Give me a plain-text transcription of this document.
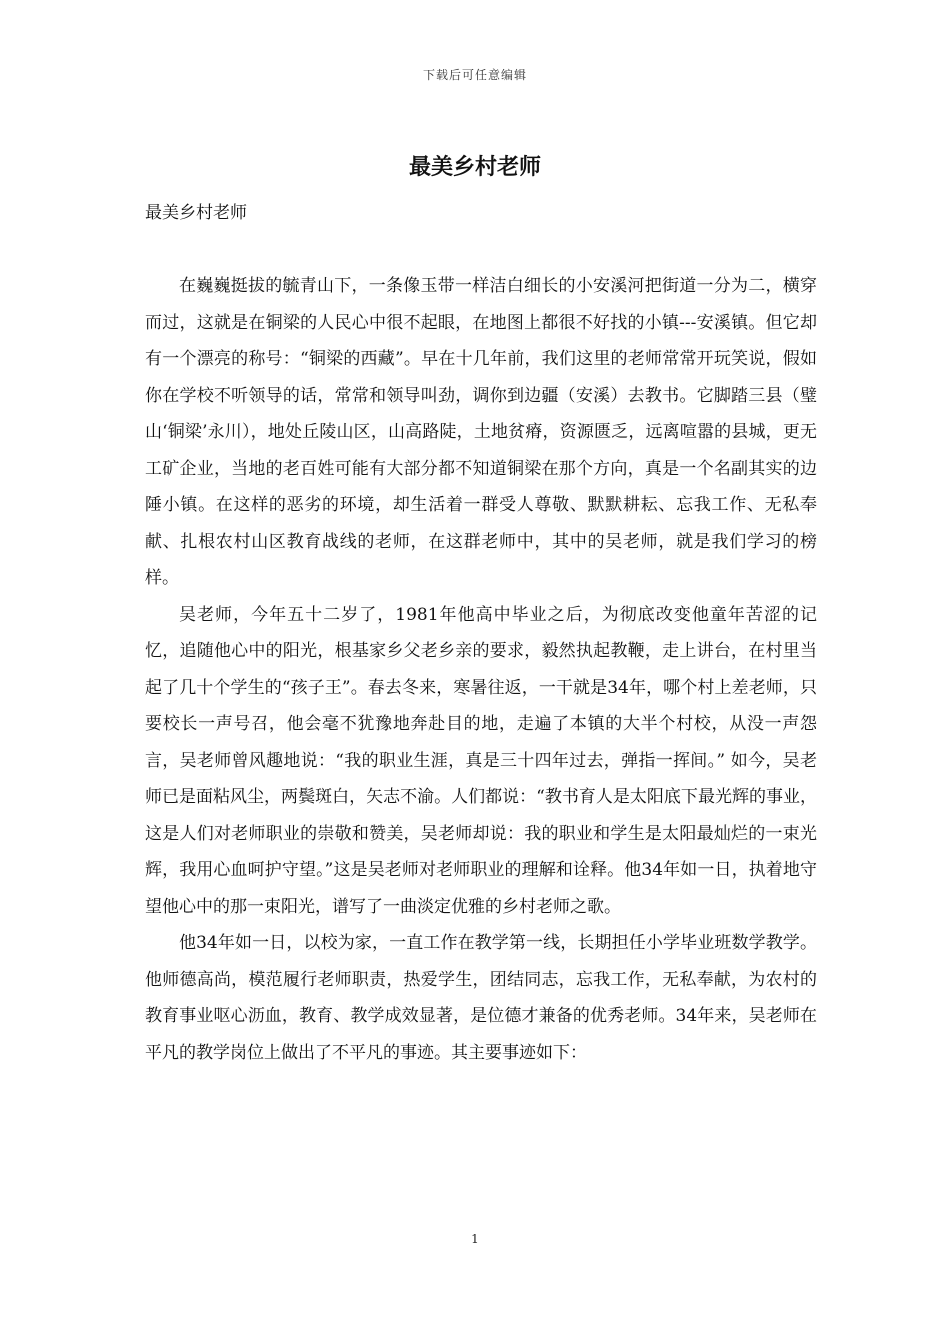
下载后可任意编辑
最美乡村老师
最美乡村老师

在巍巍挺拔的毓青山下，一条像玉带一样洁白细长的小安溪河把街道一分为二，横穿而过，这就是在铜梁的人民心中很不起眼，在地图上都很不好找的小镇---安溪镇。但它却有一个漂亮的称号：“铜梁的西藏”。早在十几年前，我们这里的老师常常开玩笑说，假如你在学校不听领导的话，常常和领导叫劲，调你到边疆（安溪）去教书。它脚踏三县（璧山‘铜梁’永川），地处丘陵山区，山高路陡，土地贫瘠，资源匮乏，远离喧嚣的县城，更无工矿企业，当地的老百姓可能有大部分都不知道铜梁在那个方向，真是一个名副其实的边陲小镇。在这样的恶劣的环境，却生活着一群受人尊敬、默默耕耘、忘我工作、无私奉献、扎根农村山区教育战线的老师，在这群老师中，其中的吴老师，就是我们学习的榜样。

吴老师，今年五十二岁了，1981年他高中毕业之后，为彻底改变他童年苦涩的记忆，追随他心中的阳光，根基家乡父老乡亲的要求，毅然执起教鞭，走上讲台，在村里当起了几十个学生的“孩子王”。春去冬来，寒暑往返，一干就是34年，哪个村上差老师，只要校长一声号召，他会毫不犹豫地奔赴目的地，走遍了本镇的大半个村校，从没一声怨言，吴老师曾风趣地说：“我的职业生涯，真是三十四年过去，弹指一挥间。” 如今，吴老师已是面粘风尘，两鬓斑白，矢志不渝。人们都说：“教书育人是太阳底下最光辉的事业，这是人们对老师职业的崇敬和赞美，吴老师却说：我的职业和学生是太阳最灿烂的一束光辉，我用心血呵护守望。”这是吴老师对老师职业的理解和诠释。他34年如一日，执着地守望他心中的那一束阳光，谱写了一曲淡定优雅的乡村老师之歌。

他34年如一日，以校为家，一直工作在教学第一线，长期担任小学毕业班数学教学。他师德高尚，模范履行老师职责，热爱学生，团结同志，忘我工作，无私奉献，为农村的教育事业呕心沥血，教育、教学成效显著，是位德才兼备的优秀老师。34年来，吴老师在平凡的教学岗位上做出了不平凡的事迹。其主要事迹如下：

1
